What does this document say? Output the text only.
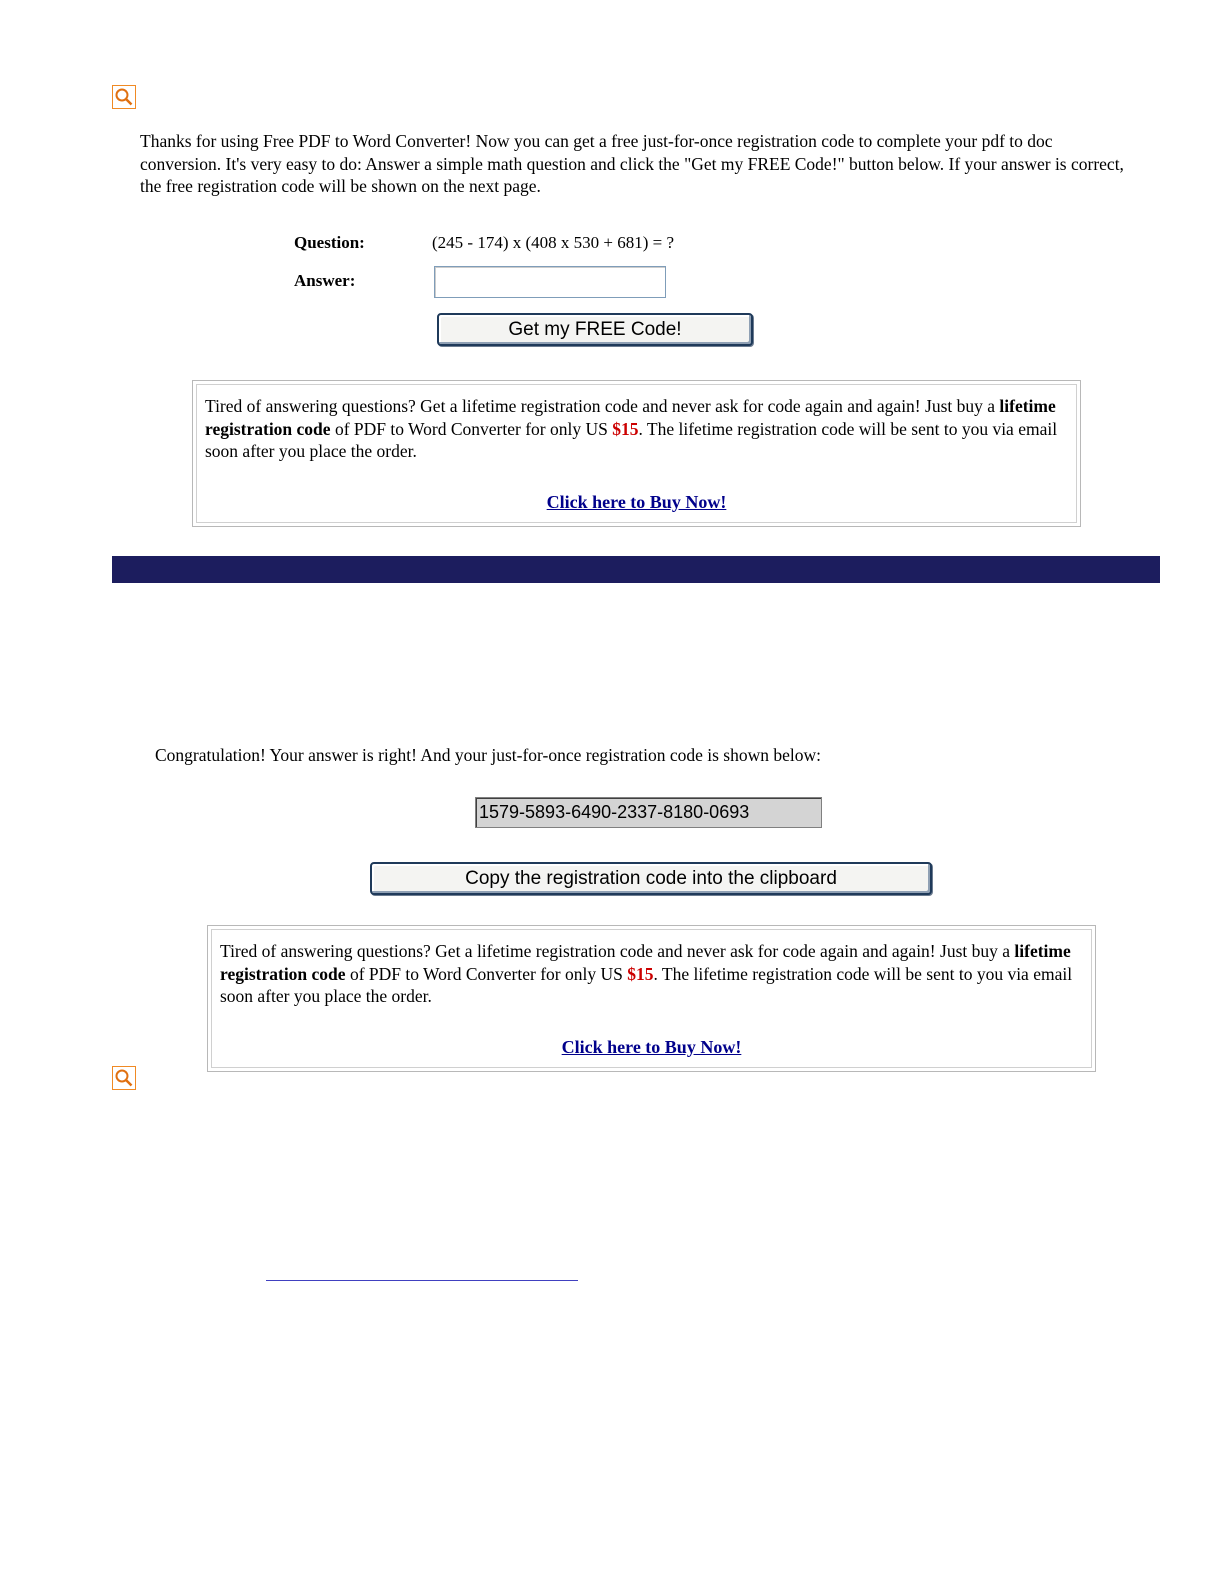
Thanks for using Free PDF to Word Converter! Now you can get a free just-for-once registration code to complete your pdf to doc conversion. It's very easy to do: Answer a simple math question and click the "Get my FREE Code!" button below. If your answer is correct, the free registration code will be shown on the next page.
Question:	(245 - 174) x (408 x 530 + 681) = ?
Answer:
Get my FREE Code!
Tired of answering questions? Get a lifetime registration code and never ask for code again and again! Just buy a lifetime registration code of PDF to Word Converter for only US $15. The lifetime registration code will be sent to you via email soon after you place the order.
Click here to Buy Now!
Congratulation! Your answer is right! And your just-for-once registration code is shown below:
1579-5893-6490-2337-8180-0693
Copy the registration code into the clipboard
Tired of answering questions? Get a lifetime registration code and never ask for code again and again! Just buy a lifetime registration code of PDF to Word Converter for only US $15. The lifetime registration code will be sent to you via email soon after you place the order.
Click here to Buy Now!
